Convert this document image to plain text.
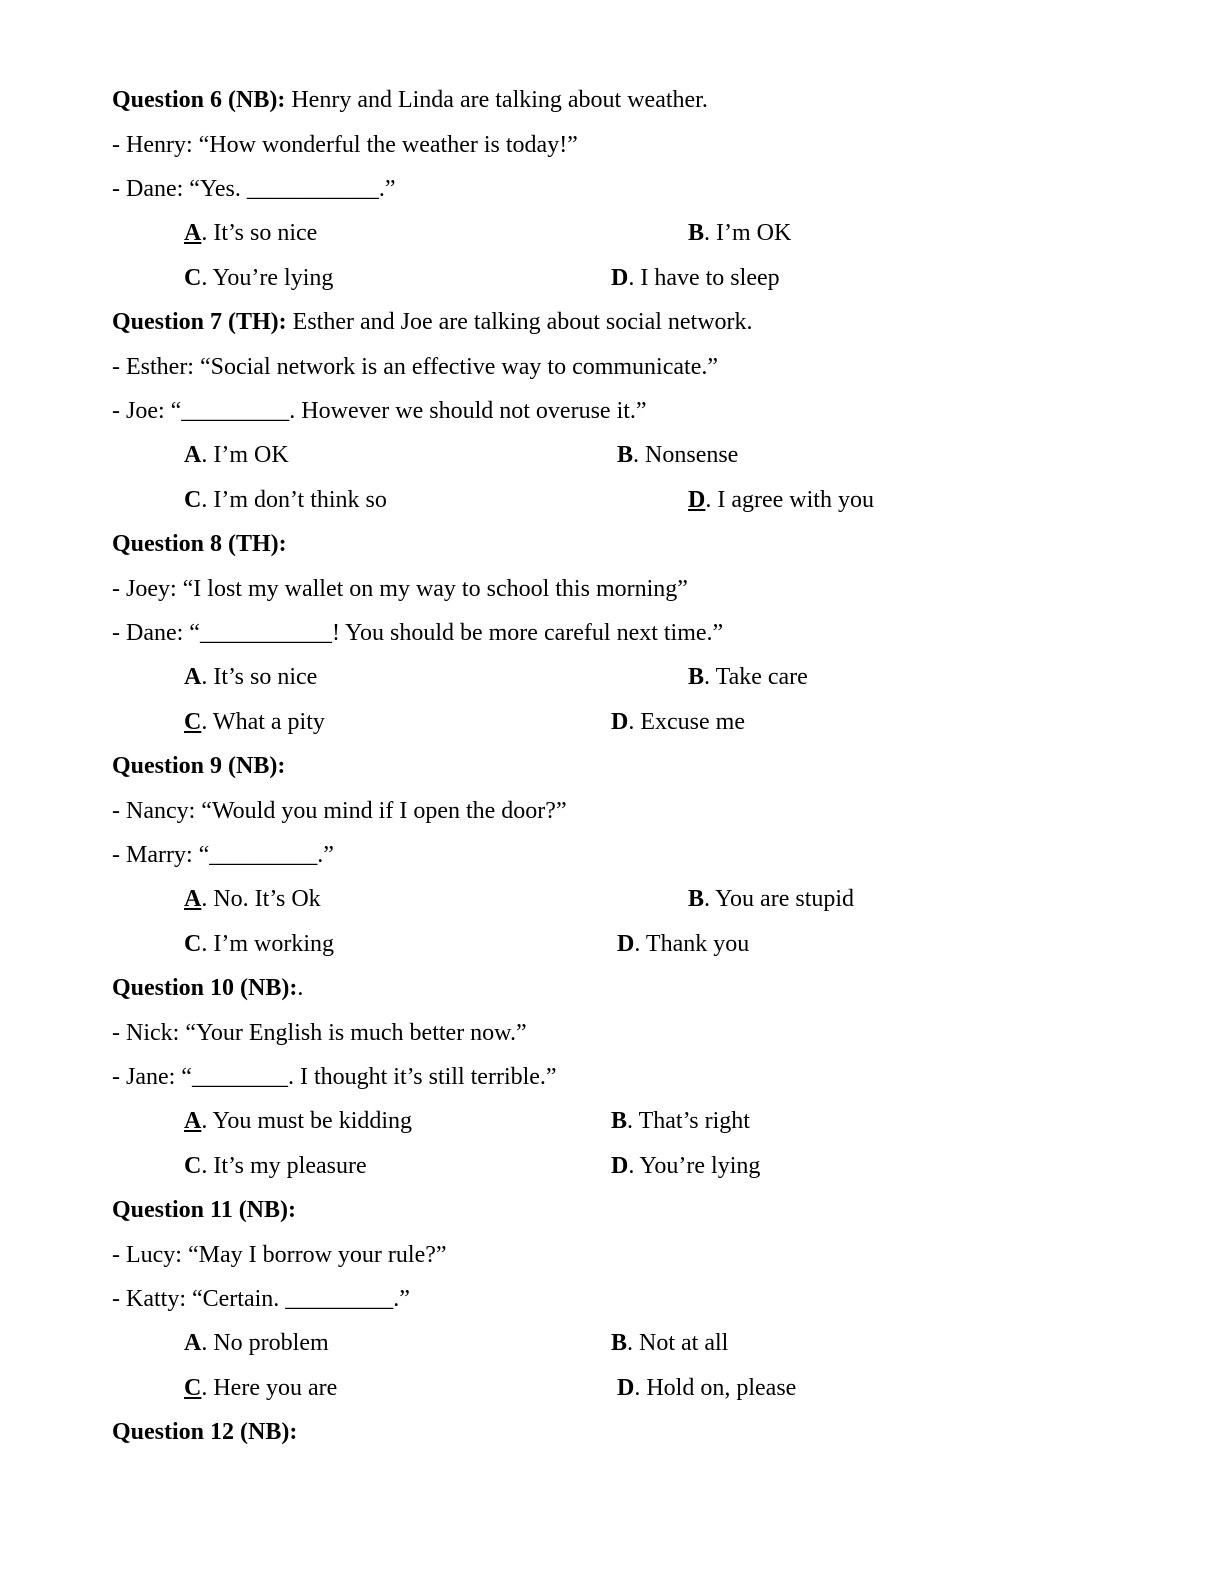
Question 6 (NB): Henry and Linda are talking about weather.
- Henry: “How wonderful the weather is today!”
- Dane: “Yes. ___________.”
A. It’s so nice	B. I’m OK
C. You’re lying	D. I have to sleep
Question 7 (TH): Esther and Joe are talking about social network.
- Esther: “Social network is an effective way to communicate.”
- Joe: “_________. However we should not overuse it.”
A. I’m OK	B. Nonsense
C. I’m don’t think so	D. I agree with you
Question 8 (TH):
- Joey: “I lost my wallet on my way to school this morning”
- Dane: “___________! You should be more careful next time.”
A. It’s so nice	B. Take care
C. What a pity	D. Excuse me
Question 9 (NB):
- Nancy: “Would you mind if I open the door?”
- Marry: “_________.”
A. No. It’s Ok	B. You are stupid
C. I’m working	D. Thank you
Question 10 (NB):.
- Nick: “Your English is much better now.”
- Jane: “________. I thought it’s still terrible.”
A. You must be kidding	B. That’s right
C. It’s my pleasure	D. You’re lying
Question 11 (NB):
- Lucy: “May I borrow your rule?”
- Katty: “Certain. _________.”
A. No problem	B. Not at all
C. Here you are	D. Hold on, please
Question 12 (NB):
